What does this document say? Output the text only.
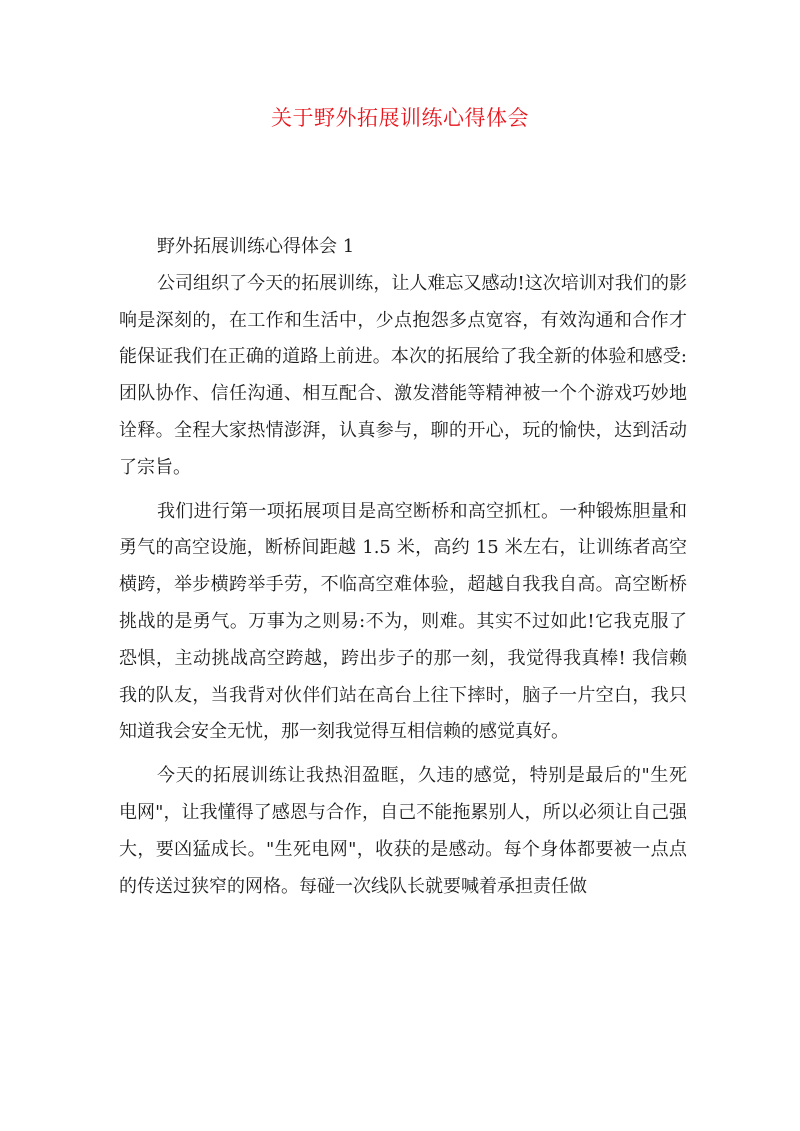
关于野外拓展训练心得体会
野外拓展训练心得体会 1

公司组织了今天的拓展训练，让人难忘又感动!这次培训对我们的影响是深刻的，在工作和生活中，少点抱怨多点宽容，有效沟通和合作才能保证我们在正确的道路上前进。本次的拓展给了我全新的体验和感受: 团队协作、信任沟通、相互配合、激发潜能等精神被一个个游戏巧妙地诠释。全程大家热情澎湃，认真参与，聊的开心，玩的愉快，达到活动了宗旨。

我们进行第一项拓展项目是高空断桥和高空抓杠。一种锻炼胆量和勇气的高空设施，断桥间距越 1.5 米，高约 15 米左右，让训练者高空横跨，举步横跨举手劳，不临高空难体验，超越自我我自高。高空断桥挑战的是勇气。万事为之则易:不为，则难。其实不过如此!它我克服了恐惧，主动挑战高空跨越，跨出步子的那一刻，我觉得我真棒! 我信赖我的队友，当我背对伙伴们站在高台上往下摔时，脑子一片空白，我只知道我会安全无忧，那一刻我觉得互相信赖的感觉真好。

今天的拓展训练让我热泪盈眶，久违的感觉，特别是最后的"生死电网"，让我懂得了感恩与合作，自己不能拖累别人，所以必须让自己强大，要凶猛成长。"生死电网"，收获的是感动。每个身体都要被一点点的传送过狭窄的网格。每碰一次线队长就要喊着承担责任做
